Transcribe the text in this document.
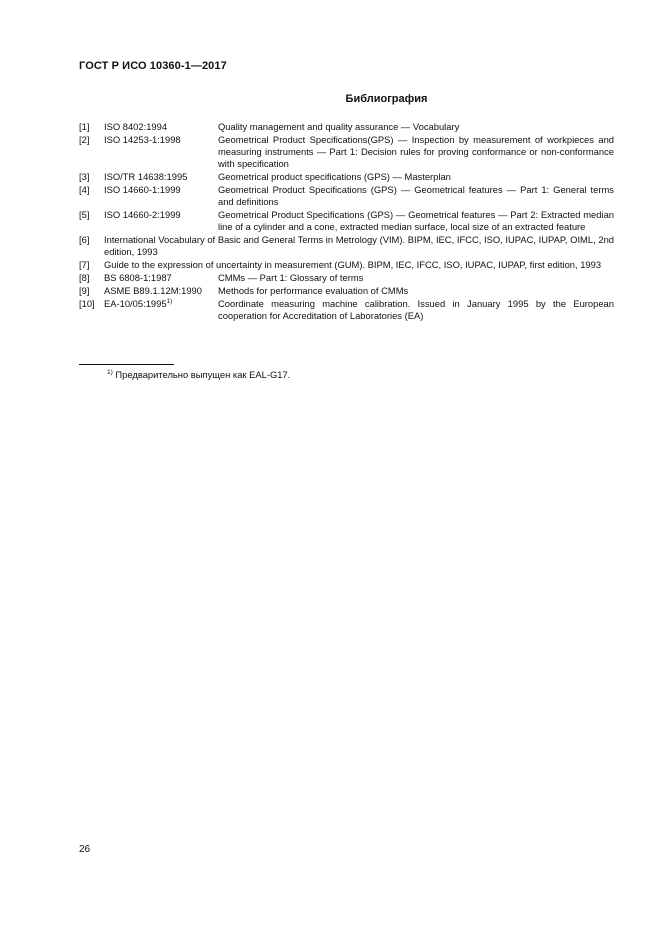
ГОСТ Р ИСО 10360-1—2017
Библиография
[1]	ISO 8402:1994	Quality management and quality assurance — Vocabulary
[2]	ISO 14253-1:1998	Geometrical Product Specifications(GPS) — Inspection by measurement of workpieces and measuring instruments — Part 1: Decision rules for proving conformance or non-conformance with specification
[3]	ISO/TR 14638:1995	Geometrical product specifications (GPS) — Masterplan
[4]	ISO 14660-1:1999	Geometrical Product Specifications (GPS) — Geometrical features — Part 1: General terms and definitions
[5]	ISO 14660-2:1999	Geometrical Product Specifications (GPS) — Geometrical features — Part 2: Extracted median line of a cylinder and a cone, extracted median surface, local size of an extracted feature
[6]	International Vocabulary of Basic and General Terms in Metrology (VIM). BIPM, IEC, IFCC, ISO, IUPAC, IUPAP, OIML, 2nd edition, 1993
[7]	Guide to the expression of uncertainty in measurement (GUM). BIPM, IEC, IFCC, ISO, IUPAC, IUPAP, first edition, 1993
[8]	BS 6808-1:1987	CMMs — Part 1: Glossary of terms
[9]	ASME B89.1.12M:1990	Methods for performance evaluation of CMMs
[10] EA-10/05:1995$^{1)}$	Coordinate measuring machine calibration. Issued in January 1995 by the European cooperation for Accreditation of Laboratories (EA)
$^{1)}$ Предварительно выпущен как EAL-G17.
26
